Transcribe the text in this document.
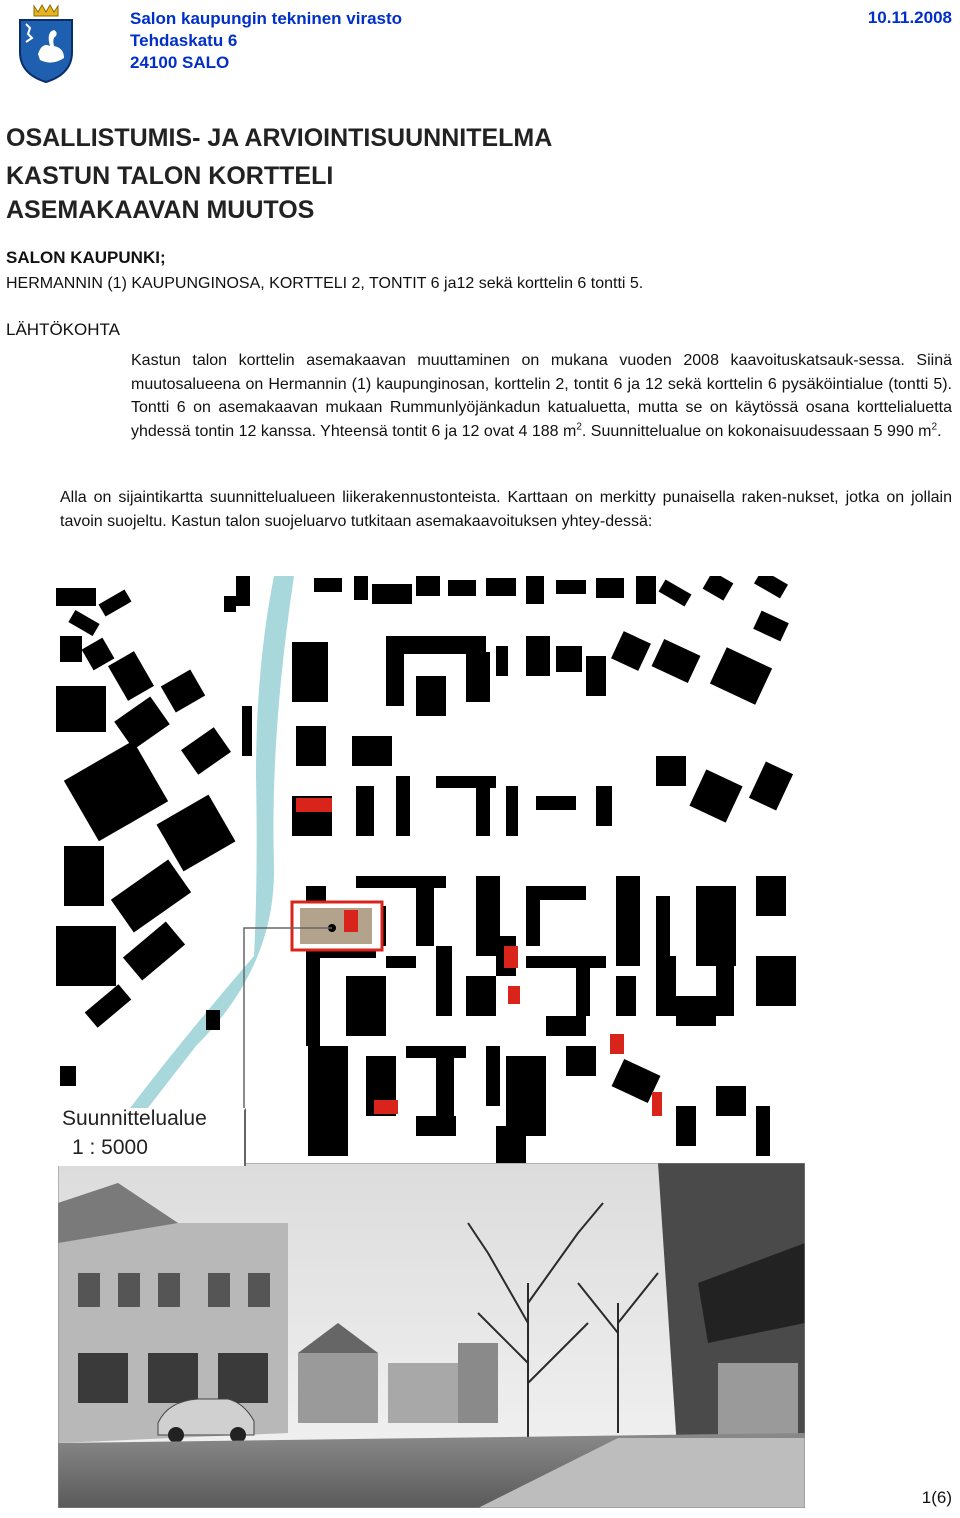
Salon kaupungin tekninen virasto
Tehdaskatu 6
24100 SALO
10.11.2008
OSALLISTUMIS- JA ARVIOINTISUUNNITELMA
KASTUN TALON KORTTELI
ASEMAKAAVAN MUUTOS
SALON KAUPUNKI;
HERMANNIN (1) KAUPUNGINOSA, KORTTELI 2, TONTIT 6 ja12 sekä korttelin 6 tontti 5.
LÄHTÖKOHTA
Kastun talon korttelin asemakaavan muuttaminen on mukana vuoden 2008 kaavoituskatsauk-sessa. Siinä muutosalueena on Hermannin (1) kaupunginosan, korttelin 2, tontit 6 ja 12 sekä korttelin 6 pysäköintialue (tontti 5). Tontti 6 on asemakaavan mukaan Rummunlyöjänkadun katualuetta, mutta se on käytössä osana korttelialuetta yhdessä tontin 12 kanssa. Yhteensä tontit 6 ja 12 ovat 4 188 $m^2$. Suunnittelualue on kokonaisuudessaan 5 990 $m^2$.
Alla on sijaintikartta suunnittelualueen liikerakennustonteista. Karttaan on merkitty punaisella raken-nukset, jotka on jollain tavoin suojeltu. Kastun talon suojeluarvo tutkitaan asemakaavoituksen yhtey-dessä:
Suunnittelualue
1 : 5000
1(6)
